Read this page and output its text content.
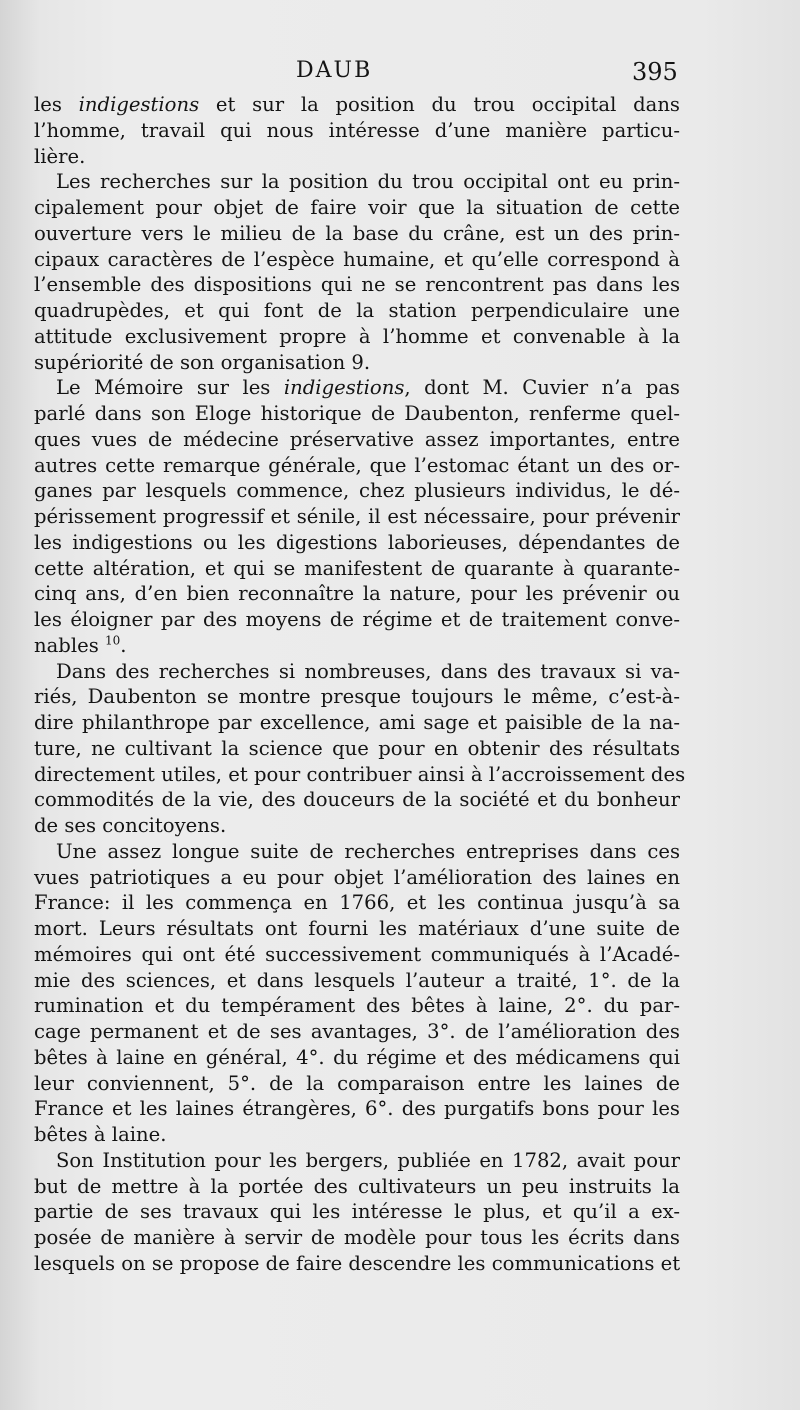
DAUB	395
les indigestions et sur la position du trou occipital dans
l’homme, travail qui nous intéresse d’une manière particu-
lière.
Les recherches sur la position du trou occipital ont eu prin-
cipalement pour objet de faire voir que la situation de cette
ouverture vers le milieu de la base du crâne, est un des prin-
cipaux caractères de l’espèce humaine, et qu’elle correspond à
l’ensemble des dispositions qui ne se rencontrent pas dans les
quadrupèdes, et qui font de la station perpendiculaire une
attitude exclusivement propre à l’homme et convenable à la
supériorité de son organisation 9.
Le Mémoire sur les indigestions, dont M. Cuvier n’a pas
parlé dans son Eloge historique de Daubenton, renferme quel-
ques vues de médecine préservative assez importantes, entre
autres cette remarque générale, que l’estomac étant un des or-
ganes par lesquels commence, chez plusieurs individus, le dé-
périssement progressif et sénile, il est nécessaire, pour prévenir
les indigestions ou les digestions laborieuses, dépendantes de
cette altération, et qui se manifestent de quarante à quarante-
cinq ans, d’en bien reconnaître la nature, pour les prévenir ou
les éloigner par des moyens de régime et de traitement conve-
nables $^{10}$.
Dans des recherches si nombreuses, dans des travaux si va-
riés, Daubenton se montre presque toujours le même, c’est-à-
dire philanthrope par excellence, ami sage et paisible de la na-
ture, ne cultivant la science que pour en obtenir des résultats
directement utiles, et pour contribuer ainsi à l’accroissement des
commodités de la vie, des douceurs de la société et du bonheur
de ses concitoyens.
Une assez longue suite de recherches entreprises dans ces
vues patriotiques a eu pour objet l’amélioration des laines en
France: il les commença en 1766, et les continua jusqu’à sa
mort. Leurs résultats ont fourni les matériaux d’une suite de
mémoires qui ont été successivement communiqués à l’Acadé-
mie des sciences, et dans lesquels l’auteur a traité, 1°. de la
rumination et du tempérament des bêtes à laine, 2°. du par-
cage permanent et de ses avantages, 3°. de l’amélioration des
bêtes à laine en général, 4°. du régime et des médicamens qui
leur conviennent, 5°. de la comparaison entre les laines de
France et les laines étrangères, 6°. des purgatifs bons pour les
bêtes à laine.
Son Institution pour les bergers, publiée en 1782, avait pour
but de mettre à la portée des cultivateurs un peu instruits la
partie de ses travaux qui les intéresse le plus, et qu’il a ex-
posée de manière à servir de modèle pour tous les écrits dans
lesquels on se propose de faire descendre les communications et
